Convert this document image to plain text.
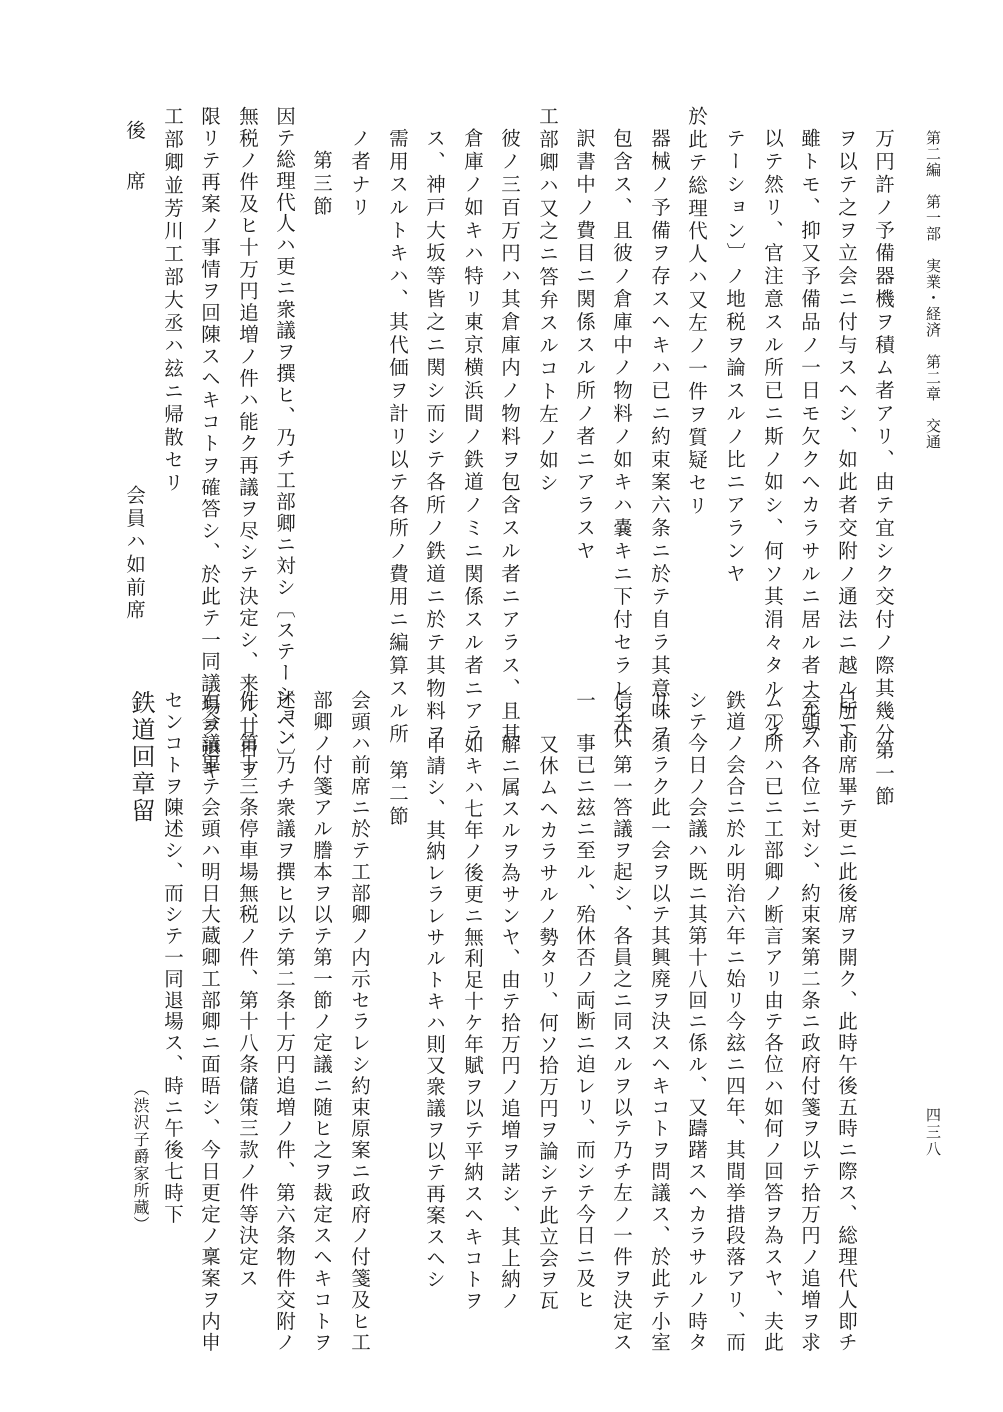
第二編　第一部　実業・経済　第二章　交通
四三八
万円許ノ予備器機ヲ積ム者アリ、由テ宜シク交付ノ際其幾分
ヲ以テ之ヲ立会ニ付与スヘシ、如此者交附ノ通法ニ越ル所ト
雖トモ、抑又予備品ノ一日モ欠クヘカラサルニ居ル者ナルヲ
以テ然リ、官注意スル所已ニ斯ノ如シ、何ソ其涓々タル〔ス
テーション〕ノ地税ヲ論スルノ比ニアランヤ
於此テ総理代人ハ又左ノ一件ヲ質疑セリ
器械ノ予備ヲ存スヘキハ已ニ約束案六条ニ於テ自ラ其意味ヲ
包含ス、且彼ノ倉庫中ノ物料ノ如キハ嚢キニ下付セラレシ仕
訳書中ノ費目ニ関係スル所ノ者ニアラスヤ
工部卿ハ又之ニ答弁スルコト左ノ如シ
彼ノ三百万円ハ其倉庫内ノ物料ヲ包含スル者ニアラス、且其
倉庫ノ如キハ特リ東京横浜間ノ鉄道ノミニ関係スル者ニアラ
ス、神戸大坂等皆之ニ関シ而シテ各所ノ鉄道ニ於テ其物料ヲ
需用スルトキハ、其代価ヲ計リ以テ各所ノ費用ニ編算スル所
ノ者ナリ
第三節
因テ総理代人ハ更ニ衆議ヲ撰ヒ、乃チ工部卿ニ対シ〔ステーション〕
無税ノ件及ヒ十万円追増ノ件ハ能ク再議ヲ尽シテ決定シ、来ル廿日ヲ
限リテ再案ノ事情ヲ回陳スヘキコトヲ確答シ、於此テ一同議場ヲ退キ
工部卿並芳川工部大丞ハ玆ニ帰散セリ
後　席
会員ハ如前席
第一節
已ニ前席畢テ更ニ此後席ヲ開ク、此時午後五時ニ際ス、総理代人即チ
会頭ハ各位ニ対シ、約束案第二条ニ政府付箋ヲ以テ拾万円ノ追増ヲ求
ムル所ハ已ニ工部卿ノ断言アリ由テ各位ハ如何ノ回答ヲ為スヤ、夫此
鉄道ノ会合ニ於ル明治六年ニ始リ今玆ニ四年、其間挙措段落アリ、而
シテ今日ノ会議ハ既ニ其第十八回ニ係ル、又躊躇スヘカラサルノ時タ
リ、須ラク此一会ヲ以テ其興廃ヲ決スヘキコトヲ問議ス、於此テ小室
信夫ハ第一答議ヲ起シ、各員之ニ同スルヲ以テ乃チ左ノ一件ヲ決定ス
一　事已ニ玆ニ至ル、殆休否ノ両断ニ迫レリ、而シテ今日ニ及ヒ
又休ムヘカラサルノ勢タリ、何ソ拾万円ヲ論シテ此立会ヲ瓦
解ニ属スルヲ為サンヤ、由テ拾万円ノ追増ヲ諾シ、其上納ノ
如キハ七年ノ後更ニ無利足十ケ年賦ヲ以テ平納スヘキコトヲ
申請シ、其納レラレサルトキハ則又衆議ヲ以テ再案スヘシ
第二節
会頭ハ前席ニ於テ工部卿ノ内示セラレシ約束原案ニ政府ノ付箋及ヒ工
部卿ノ付箋アル謄本ヲ以テ第一節ノ定議ニ随ヒ之ヲ裁定スヘキコトヲ
述ヘ、乃チ衆議ヲ撰ヒ以テ第二条十万円追増ノ件、第六条物件交附ノ
件、第十三条停車場無税ノ件、第十八条儲策三款ノ件等決定ス
右会議畢テ会頭ハ明日大蔵卿工部卿ニ面晤シ、今日更定ノ稟案ヲ内申
センコトヲ陳述シ、而シテ一同退場ス、時ニ午後七時下
鉄道回章留
（渋沢子爵家所蔵）
